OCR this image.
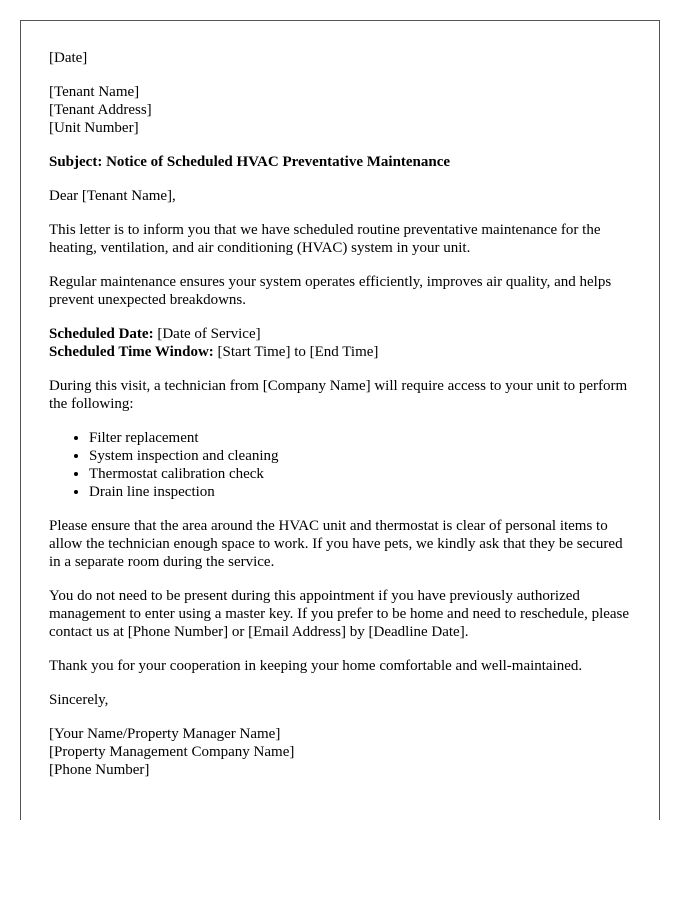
[Date]

[Tenant Name]
[Tenant Address]
[Unit Number]

Subject: Notice of Scheduled HVAC Preventative Maintenance

Dear [Tenant Name],

This letter is to inform you that we have scheduled routine preventative maintenance for the heating, ventilation, and air conditioning (HVAC) system in your unit.

Regular maintenance ensures your system operates efficiently, improves air quality, and helps prevent unexpected breakdowns.

Scheduled Date: [Date of Service]
Scheduled Time Window: [Start Time] to [End Time]

During this visit, a technician from [Company Name] will require access to your unit to perform the following:

• Filter replacement
• System inspection and cleaning
• Thermostat calibration check
• Drain line inspection

Please ensure that the area around the HVAC unit and thermostat is clear of personal items to allow the technician enough space to work. If you have pets, we kindly ask that they be secured in a separate room during the service.

You do not need to be present during this appointment if you have previously authorized management to enter using a master key. If you prefer to be home and need to reschedule, please contact us at [Phone Number] or [Email Address] by [Deadline Date].

Thank you for your cooperation in keeping your home comfortable and well-maintained.

Sincerely,

[Your Name/Property Manager Name]
[Property Management Company Name]
[Phone Number]
